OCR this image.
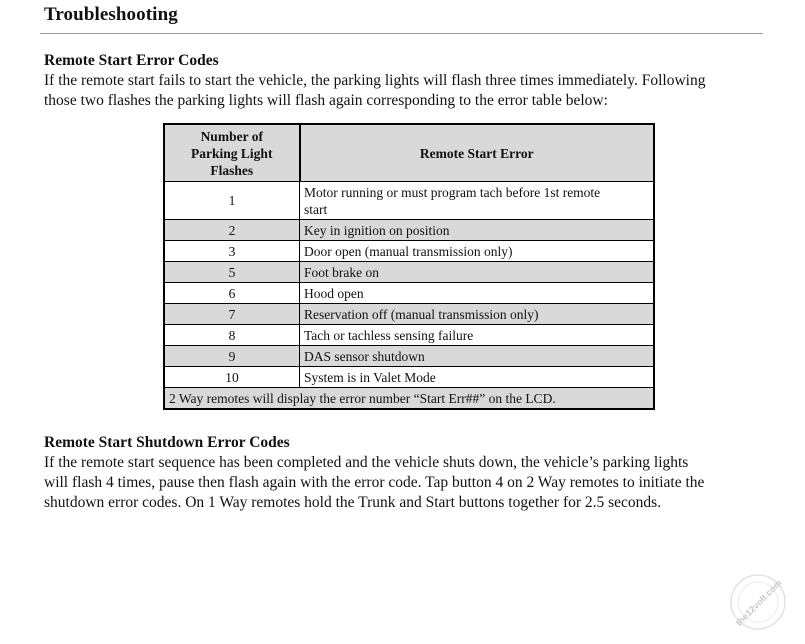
Troubleshooting
Remote Start Error Codes
If the remote start fails to start the vehicle, the parking lights will flash three times immediately. Following
those two flashes the parking lights will flash again corresponding to the error table below:
Number of
Parking Light
Flashes	Remote Start Error
1	Motor running or must program tach before 1st remote
start
2	Key in ignition on position
3	Door open (manual transmission only)
5	Foot brake on
6	Hood open
7	Reservation off (manual transmission only)
8	Tach or tachless sensing failure
9	DAS sensor shutdown
10	System is in Valet Mode
2 Way remotes will display the error number “Start Err##” on the LCD.	
Remote Start Shutdown Error Codes
If the remote start sequence has been completed and the vehicle shuts down, the vehicle’s parking lights
will flash 4 times, pause then flash again with the error code. Tap button 4 on 2 Way remotes to initiate the
shutdown error codes. On 1 Way remotes hold the Trunk and Start buttons together for 2.5 seconds.
the12volt.com
